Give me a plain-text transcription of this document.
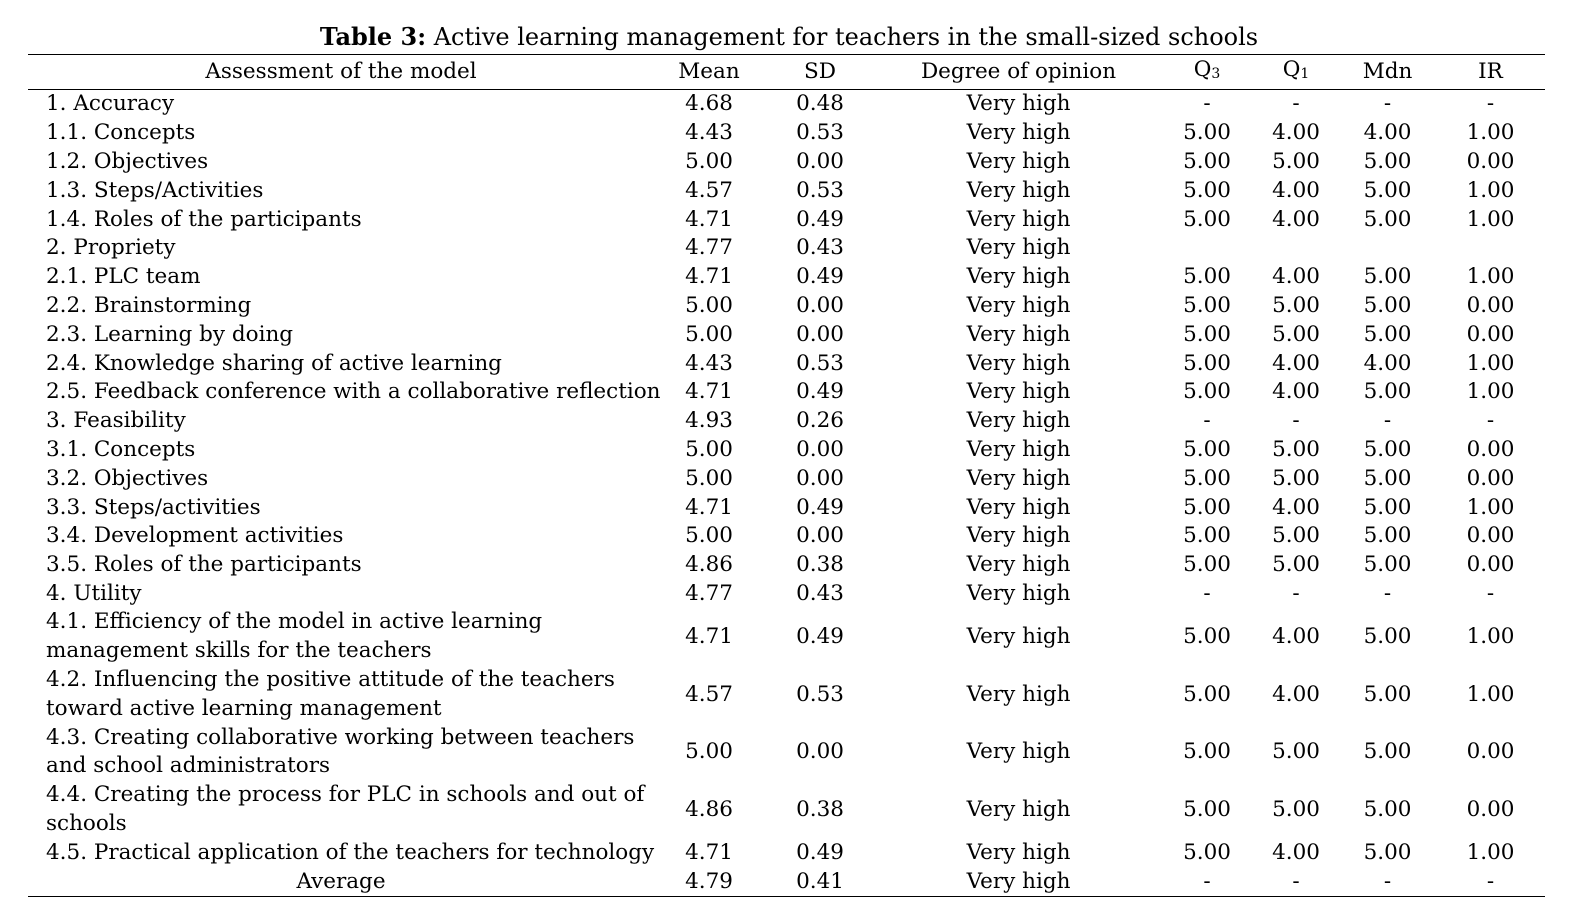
Table 3: Active learning management for teachers in the small-sized schools
Assessment of the model	Mean	SD	Degree of opinion	Q3	Q1	Mdn	IR
1. Accuracy	4.68	0.48	Very high	-	-	-	-
1.1. Concepts	4.43	0.53	Very high	5.00	4.00	4.00	1.00
1.2. Objectives	5.00	0.00	Very high	5.00	5.00	5.00	0.00
1.3. Steps/Activities	4.57	0.53	Very high	5.00	4.00	5.00	1.00
1.4. Roles of the participants	4.71	0.49	Very high	5.00	4.00	5.00	1.00
2. Propriety	4.77	0.43	Very high				
2.1. PLC team	4.71	0.49	Very high	5.00	4.00	5.00	1.00
2.2. Brainstorming	5.00	0.00	Very high	5.00	5.00	5.00	0.00
2.3. Learning by doing	5.00	0.00	Very high	5.00	5.00	5.00	0.00
2.4. Knowledge sharing of active learning	4.43	0.53	Very high	5.00	4.00	4.00	1.00
2.5. Feedback conference with a collaborative reflection	4.71	0.49	Very high	5.00	4.00	5.00	1.00
3. Feasibility	4.93	0.26	Very high	-	-	-	-
3.1. Concepts	5.00	0.00	Very high	5.00	5.00	5.00	0.00
3.2. Objectives	5.00	0.00	Very high	5.00	5.00	5.00	0.00
3.3. Steps/activities	4.71	0.49	Very high	5.00	4.00	5.00	1.00
3.4. Development activities	5.00	0.00	Very high	5.00	5.00	5.00	0.00
3.5. Roles of the participants	4.86	0.38	Very high	5.00	5.00	5.00	0.00
4. Utility	4.77	0.43	Very high	-	-	-	-
4.1. Efficiency of the model in active learning management skills for the teachers	4.71	0.49	Very high	5.00	4.00	5.00	1.00
4.2. Influencing the positive attitude of the teachers toward active learning management	4.57	0.53	Very high	5.00	4.00	5.00	1.00
4.3. Creating collaborative working between teachers and school administrators	5.00	0.00	Very high	5.00	5.00	5.00	0.00
4.4. Creating the process for PLC in schools and out of schools	4.86	0.38	Very high	5.00	5.00	5.00	0.00
4.5. Practical application of the teachers for technology	4.71	0.49	Very high	5.00	4.00	5.00	1.00
Average	4.79	0.41	Very high	-	-	-	-
